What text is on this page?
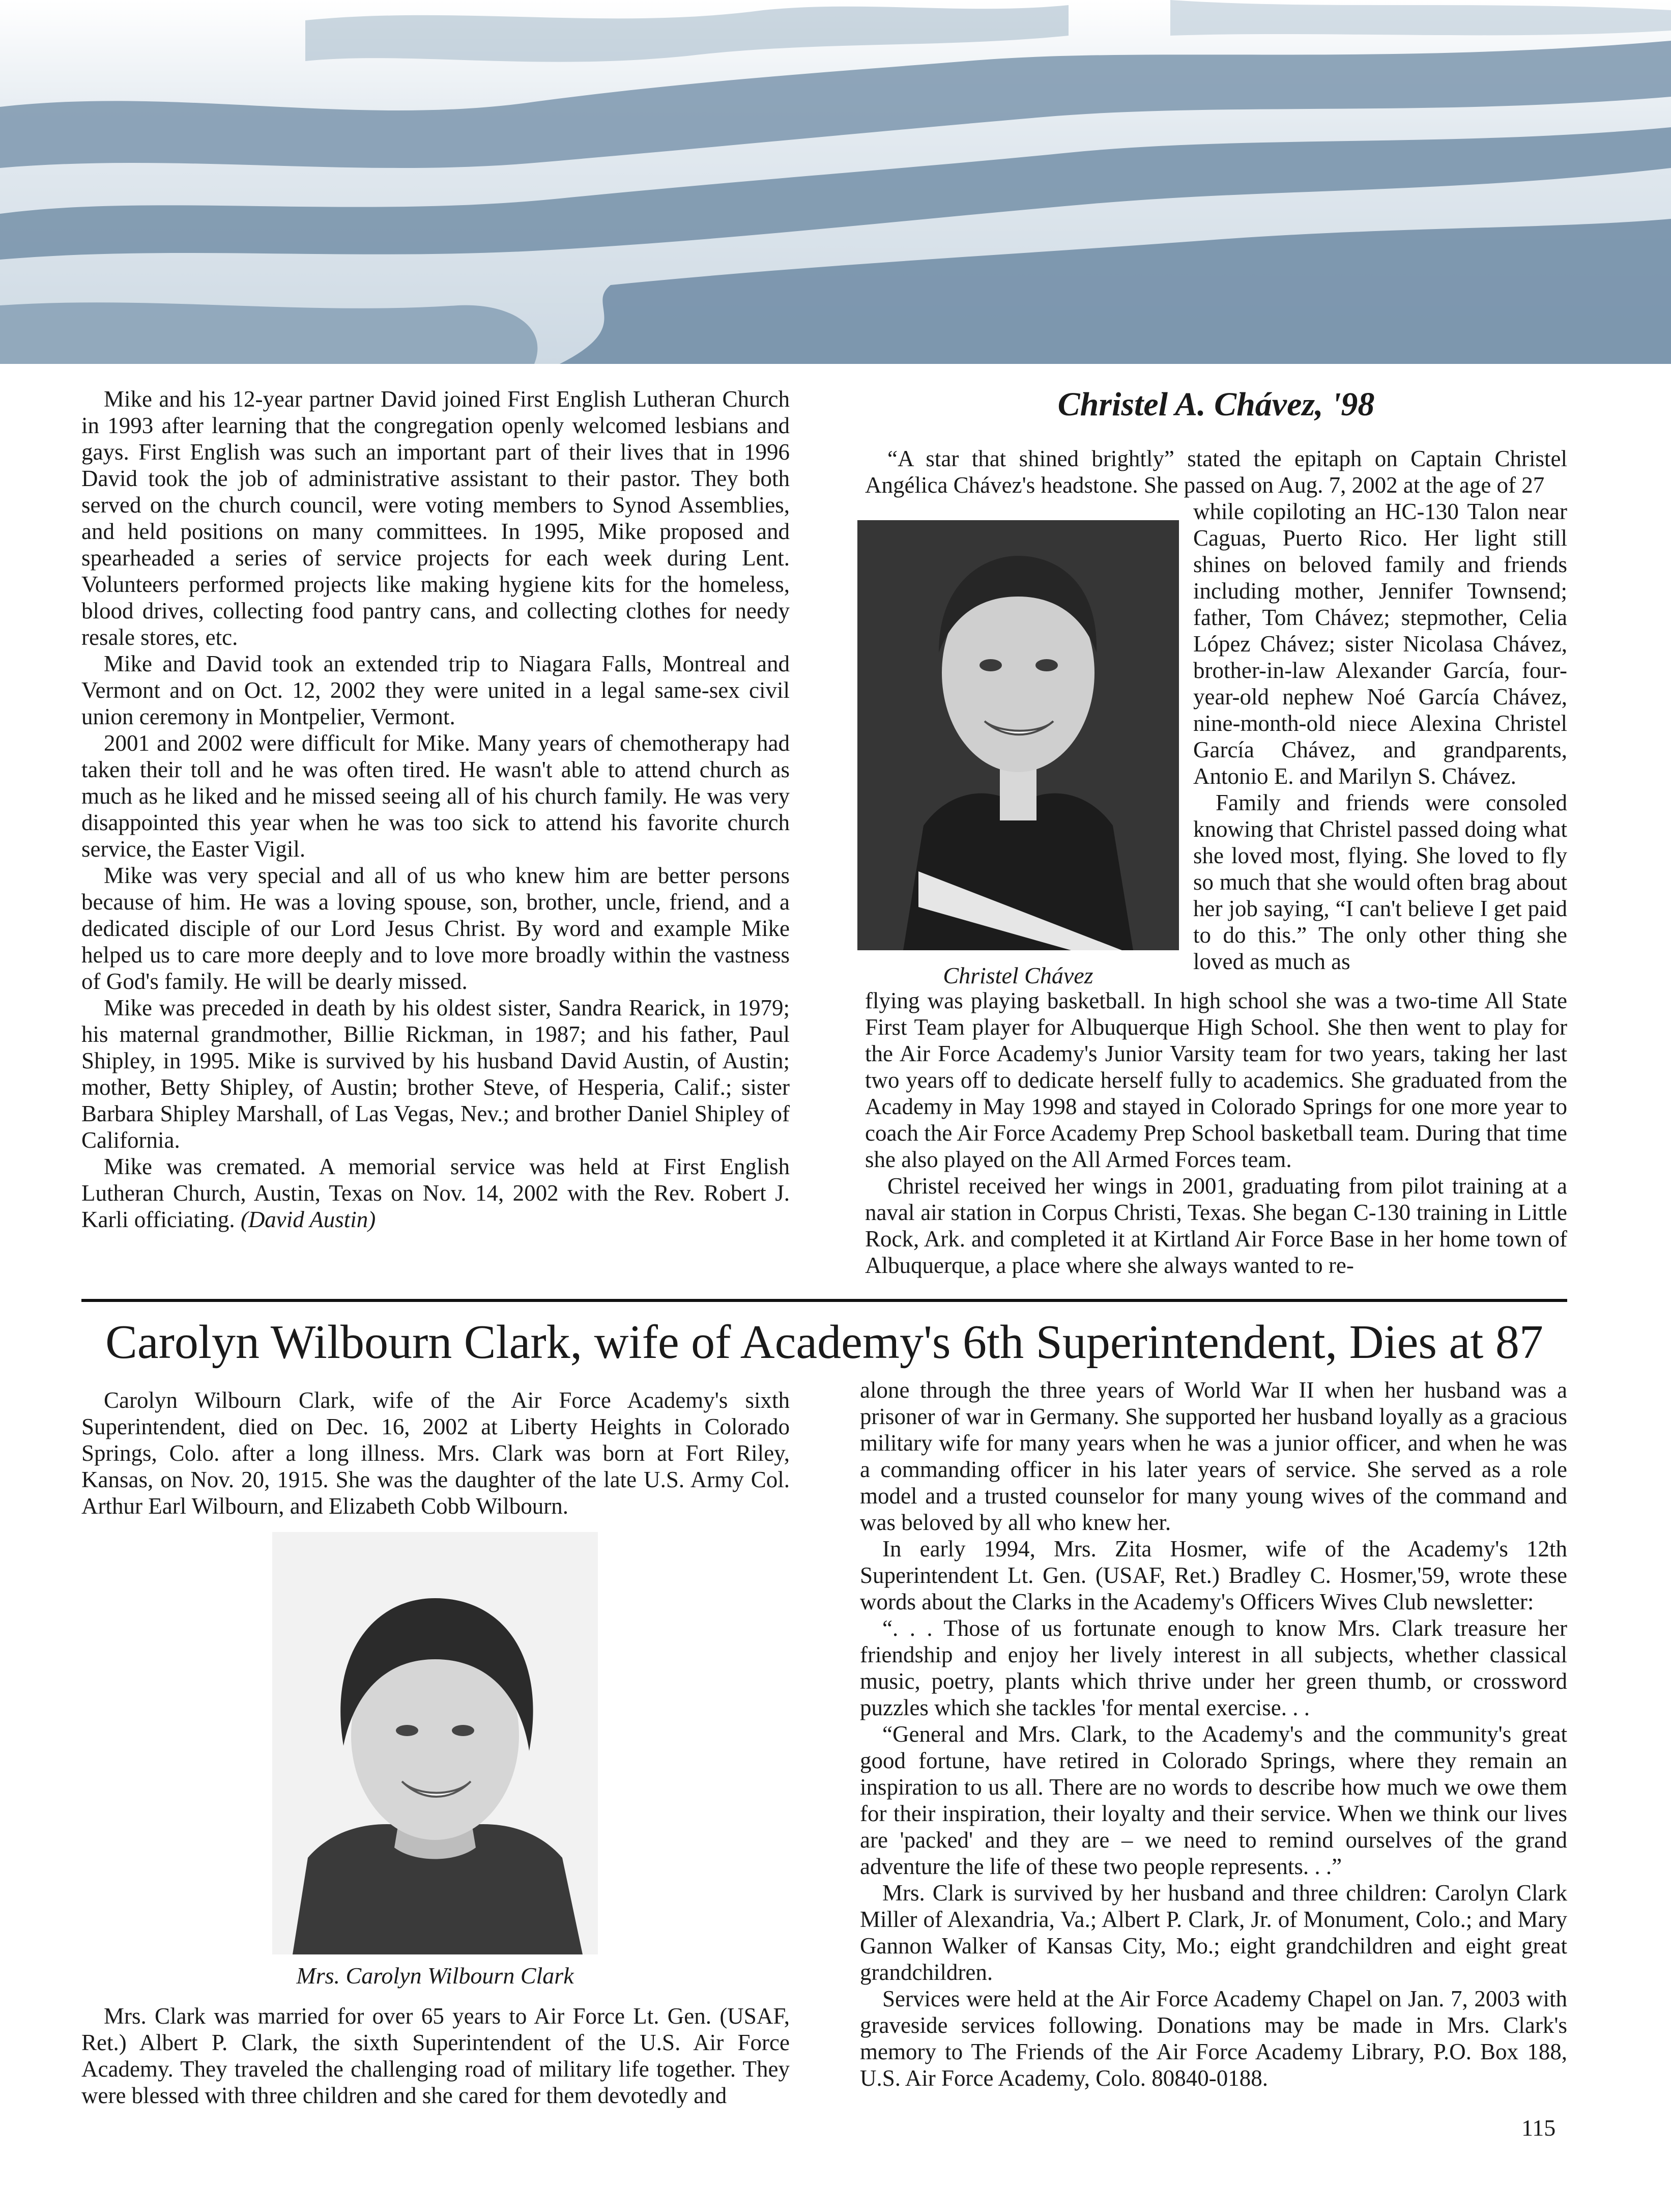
Mike and his 12-year partner David joined First English Lutheran Church in 1993 after learning that the congregation openly welcomed lesbians and gays. First English was such an important part of their lives that in 1996 David took the job of administrative assistant to their pastor. They both served on the church council, were voting members to Synod Assemblies, and held positions on many committees. In 1995, Mike proposed and spearheaded a series of service projects for each week during Lent. Volunteers performed projects like making hygiene kits for the homeless, blood drives, collecting food pantry cans, and collecting clothes for needy resale stores, etc.

Mike and David took an extended trip to Niagara Falls, Montreal and Vermont and on Oct. 12, 2002 they were united in a legal same-sex civil union ceremony in Montpelier, Vermont.

2001 and 2002 were difficult for Mike. Many years of chemotherapy had taken their toll and he was often tired. He wasn't able to attend church as much as he liked and he missed seeing all of his church family. He was very disappointed this year when he was too sick to attend his favorite church service, the Easter Vigil.

Mike was very special and all of us who knew him are better persons because of him. He was a loving spouse, son, brother, uncle, friend, and a dedicated disciple of our Lord Jesus Christ. By word and example Mike helped us to care more deeply and to love more broadly within the vastness of God's family. He will be dearly missed.

Mike was preceded in death by his oldest sister, Sandra Rearick, in 1979; his maternal grandmother, Billie Rickman, in 1987; and his father, Paul Shipley, in 1995. Mike is survived by his husband David Austin, of Austin; mother, Betty Shipley, of Austin; brother Steve, of Hesperia, Calif.; sister Barbara Shipley Marshall, of Las Vegas, Nev.; and brother Daniel Shipley of California.

Mike was cremated. A memorial service was held at First English Lutheran Church, Austin, Texas on Nov. 14, 2002 with the Rev. Robert J. Karli officiating. (David Austin)

Christel A. Chávez, '98

“A star that shined brightly” stated the epitaph on Captain Christel Angélica Chávez's headstone. She passed on Aug. 7, 2002 at the age of 27

Christel Chávez

while copiloting an HC-130 Talon near Caguas, Puerto Rico. Her light still shines on beloved family and friends including mother, Jennifer Townsend; father, Tom Chávez; stepmother, Celia López Chávez; sister Nicolasa Chávez, brother-in-law Alexander García, four-year-old nephew Noé García Chávez, nine-month-old niece Alexina Christel García Chávez, and grandparents, Antonio E. and Marilyn S. Chávez.

Family and friends were consoled knowing that Christel passed doing what she loved most, flying. She loved to fly so much that she would often brag about her job saying, “I can't believe I get paid to do this.” The only other thing she loved as much as

flying was playing basketball. In high school she was a two-time All State First Team player for Albuquerque High School. She then went to play for the Air Force Academy's Junior Varsity team for two years, taking her last two years off to dedicate herself fully to academics. She graduated from the Academy in May 1998 and stayed in Colorado Springs for one more year to coach the Air Force Academy Prep School basketball team. During that time she also played on the All Armed Forces team.

Christel received her wings in 2001, graduating from pilot training at a naval air station in Corpus Christi, Texas. She began C-130 training in Little Rock, Ark. and completed it at Kirtland Air Force Base in her home town of Albuquerque, a place where she always wanted to re-

Carolyn Wilbourn Clark, wife of Academy's 6th Superintendent, Dies at 87

Carolyn Wilbourn Clark, wife of the Air Force Academy's sixth Superintendent, died on Dec. 16, 2002 at Liberty Heights in Colorado Springs, Colo. after a long illness. Mrs. Clark was born at Fort Riley, Kansas, on Nov. 20, 1915. She was the daughter of the late U.S. Army Col. Arthur Earl Wilbourn, and Elizabeth Cobb Wilbourn.

Mrs. Carolyn Wilbourn Clark

Mrs. Clark was married for over 65 years to Air Force Lt. Gen. (USAF, Ret.) Albert P. Clark, the sixth Superintendent of the U.S. Air Force Academy. They traveled the challenging road of military life together. They were blessed with three children and she cared for them devotedly and

alone through the three years of World War II when her husband was a prisoner of war in Germany. She supported her husband loyally as a gracious military wife for many years when he was a junior officer, and when he was a commanding officer in his later years of service. She served as a role model and a trusted counselor for many young wives of the command and was beloved by all who knew her.

In early 1994, Mrs. Zita Hosmer, wife of the Academy's 12th Superintendent Lt. Gen. (USAF, Ret.) Bradley C. Hosmer,'59, wrote these words about the Clarks in the Academy's Officers Wives Club newsletter:

“. . . Those of us fortunate enough to know Mrs. Clark treasure her friendship and enjoy her lively interest in all subjects, whether classical music, poetry, plants which thrive under her green thumb, or crossword puzzles which she tackles 'for mental exercise. . .

“General and Mrs. Clark, to the Academy's and the community's great good fortune, have retired in Colorado Springs, where they remain an inspiration to us all. There are no words to describe how much we owe them for their inspiration, their loyalty and their service. When we think our lives are 'packed' and they are – we need to remind ourselves of the grand adventure the life of these two people represents. . .”

Mrs. Clark is survived by her husband and three children: Carolyn Clark Miller of Alexandria, Va.; Albert P. Clark, Jr. of Monument, Colo.; and Mary Gannon Walker of Kansas City, Mo.; eight grandchildren and eight great grandchildren.

Services were held at the Air Force Academy Chapel on Jan. 7, 2003 with graveside services following. Donations may be made in Mrs. Clark's memory to The Friends of the Air Force Academy Library, P.O. Box 188, U.S. Air Force Academy, Colo. 80840-0188.

115
